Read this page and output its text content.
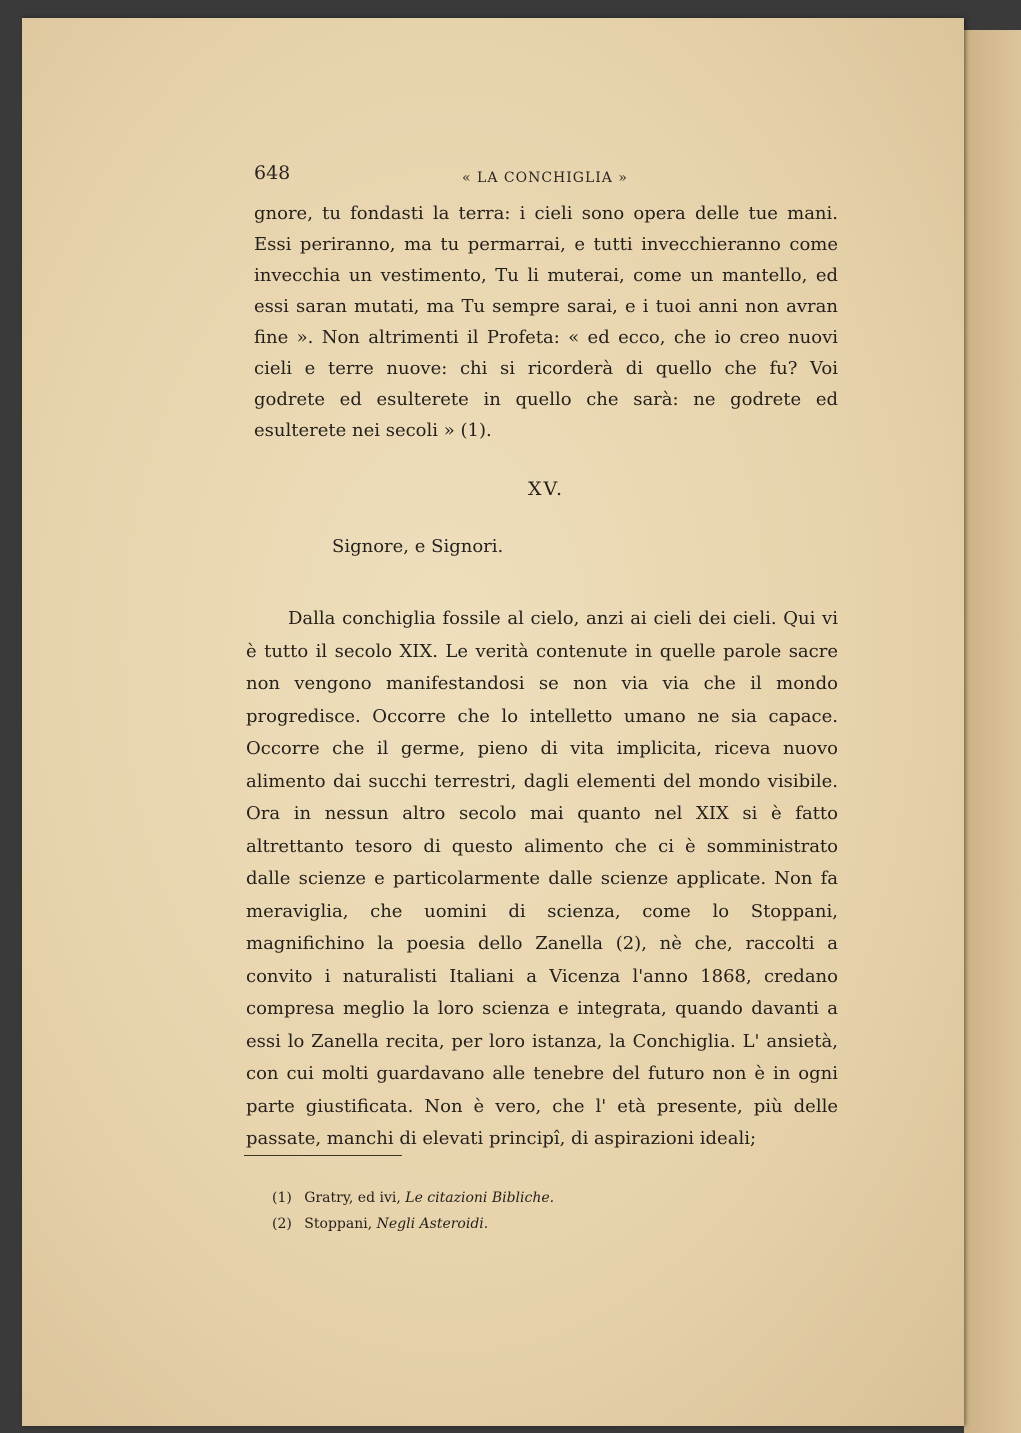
648	« LA CONCHIGLIA »
gnore, tu fondasti la terra: i cieli sono opera delle tue mani. Essi periranno, ma tu permarrai, e tutti invecchieranno come invecchia un vestimento, Tu li muterai, come un mantello, ed essi saran mutati, ma Tu sempre sarai, e i tuoi anni non avran fine ». Non altrimenti il Profeta: « ed ecco, che io creo nuovi cieli e terre nuove: chi si ricorderà di quello che fu? Voi godrete ed esulterete in quello che sarà: ne godrete ed esulterete nei secoli » (1).
XV.
Signore, e Signori.
Dalla conchiglia fossile al cielo, anzi ai cieli dei cieli. Qui vi è tutto il secolo XIX. Le verità contenute in quelle parole sacre non vengono manifestandosi se non via via che il mondo progredisce. Occorre che lo intelletto umano ne sia capace. Occorre che il germe, pieno di vita implicita, riceva nuovo alimento dai succhi terrestri, dagli elementi del mondo visibile. Ora in nessun altro secolo mai quanto nel XIX si è fatto altrettanto tesoro di questo alimento che ci è somministrato dalle scienze e particolarmente dalle scienze applicate. Non fa meraviglia, che uomini di scienza, come lo Stoppani, magnifichino la poesia dello Zanella (2), nè che, raccolti a convito i naturalisti Italiani a Vicenza l'anno 1868, credano compresa meglio la loro scienza e integrata, quando davanti a essi lo Zanella recita, per loro istanza, la Conchiglia. L' ansietà, con cui molti guardavano alle tenebre del futuro non è in ogni parte giustificata. Non è vero, che l' età presente, più delle passate, manchi di elevati principî, di aspirazioni ideali;
(1) Gratry, ed ivi, Le citazioni Bibliche.
(2) Stoppani, Negli Asteroidi.
